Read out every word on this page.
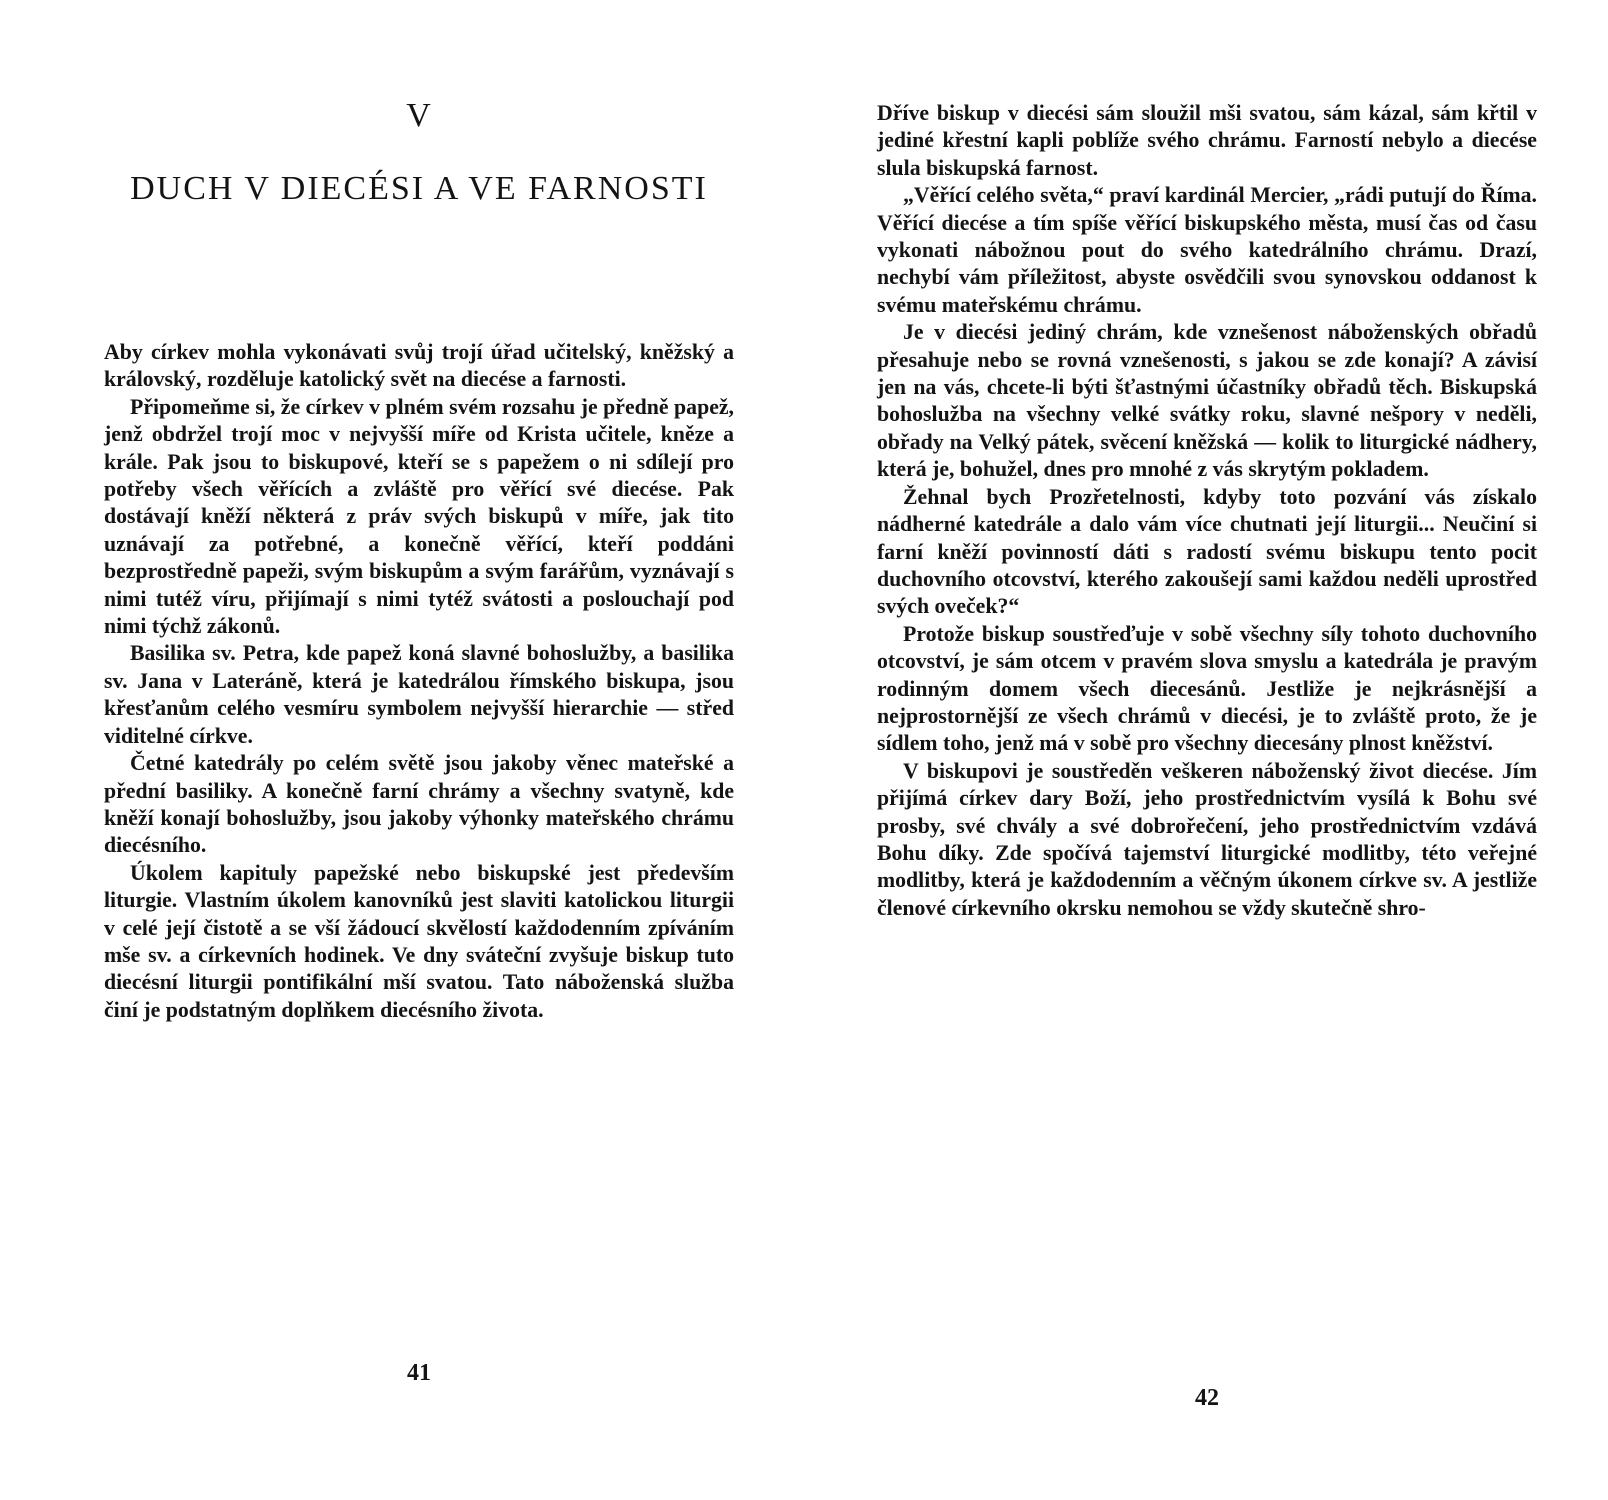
V
DUCH V DIECÉSI A VE FARNOSTI

Aby církev mohla vykonávati svůj trojí úřad učitelský, kněžský a královský, rozděluje katolický svět na diecése a farnosti.

Připomeňme si, že církev v plném svém rozsahu je předně papež, jenž obdržel trojí moc v nejvyšší míře od Krista učitele, kněze a krále. Pak jsou to biskupové, kteří se s papežem o ni sdílejí pro potřeby všech věřících a zvláště pro věřící své diecése. Pak dostávají kněží některá z práv svých biskupů v míře, jak tito uznávají za potřebné, a konečně věřící, kteří poddáni bezprostředně papeži, svým biskupům a svým farářům, vyznávají s nimi tutéž víru, přijímají s nimi tytéž svátosti a poslouchají pod nimi týchž zákonů.

Basilika sv. Petra, kde papež koná slavné bohoslužby, a basilika sv. Jana v Lateráně, která je katedrálou římského biskupa, jsou křesťanům celého vesmíru symbolem nejvyšší hierarchie — střed viditelné církve.

Četné katedrály po celém světě jsou jakoby věnec mateřské a přední basiliky. A konečně farní chrámy a všechny svatyně, kde kněží konají bohoslužby, jsou jakoby výhonky mateřského chrámu diecésního.

Úkolem kapituly papežské nebo biskupské jest především liturgie. Vlastním úkolem kanovníků jest slaviti katolickou liturgii v celé její čistotě a se vší žádoucí skvělostí každodenním zpíváním mše sv. a církevních hodinek. Ve dny sváteční zvyšuje biskup tuto diecésní liturgii pontifikální mší svatou. Tato náboženská služba činí je podstatným doplňkem diecésního života.

41

Dříve biskup v diecési sám sloužil mši svatou, sám kázal, sám křtil v jediné křestní kapli poblíže svého chrámu. Farností nebylo a diecése slula biskupská farnost.

„Věřící celého světa,“ praví kardinál Mercier, „rádi putují do Říma. Věřící diecése a tím spíše věřící biskupského města, musí čas od času vykonati nábožnou pout do svého katedrálního chrámu. Drazí, nechybí vám příležitost, abyste osvědčili svou synovskou oddanost k svému mateřskému chrámu.

Je v diecési jediný chrám, kde vznešenost náboženských obřadů přesahuje nebo se rovná vznešenosti, s jakou se zde konají? A závisí jen na vás, chcete-li býti šťastnými účastníky obřadů těch. Biskupská bohoslužba na všechny velké svátky roku, slavné nešpory v neděli, obřady na Velký pátek, svěcení kněžská — kolik to liturgické nádhery, která je, bohužel, dnes pro mnohé z vás skrytým pokladem.

Žehnal bych Prozřetelnosti, kdyby toto pozvání vás získalo nádherné katedrále a dalo vám více chutnati její liturgii... Neučiní si farní kněží povinností dáti s radostí svému biskupu tento pocit duchovního otcovství, kterého zakoušejí sami každou neděli uprostřed svých oveček?“

Protože biskup soustřeďuje v sobě všechny síly tohoto duchovního otcovství, je sám otcem v pravém slova smyslu a katedrála je pravým rodinným domem všech diecesánů. Jestliže je nejkrásnější a nejprostornější ze všech chrámů v diecési, je to zvláště proto, že je sídlem toho, jenž má v sobě pro všechny diecesány plnost kněžství.

V biskupovi je soustředěn veškeren náboženský život diecése. Jím přijímá církev dary Boží, jeho prostřednictvím vysílá k Bohu své prosby, své chvály a své dobrořečení, jeho prostřednictvím vzdává Bohu díky. Zde spočívá tajemství liturgické modlitby, této veřejné modlitby, která je každodenním a věčným úkonem církve sv. A jestliže členové církevního okrsku nemohou se vždy skutečně shro-

42
